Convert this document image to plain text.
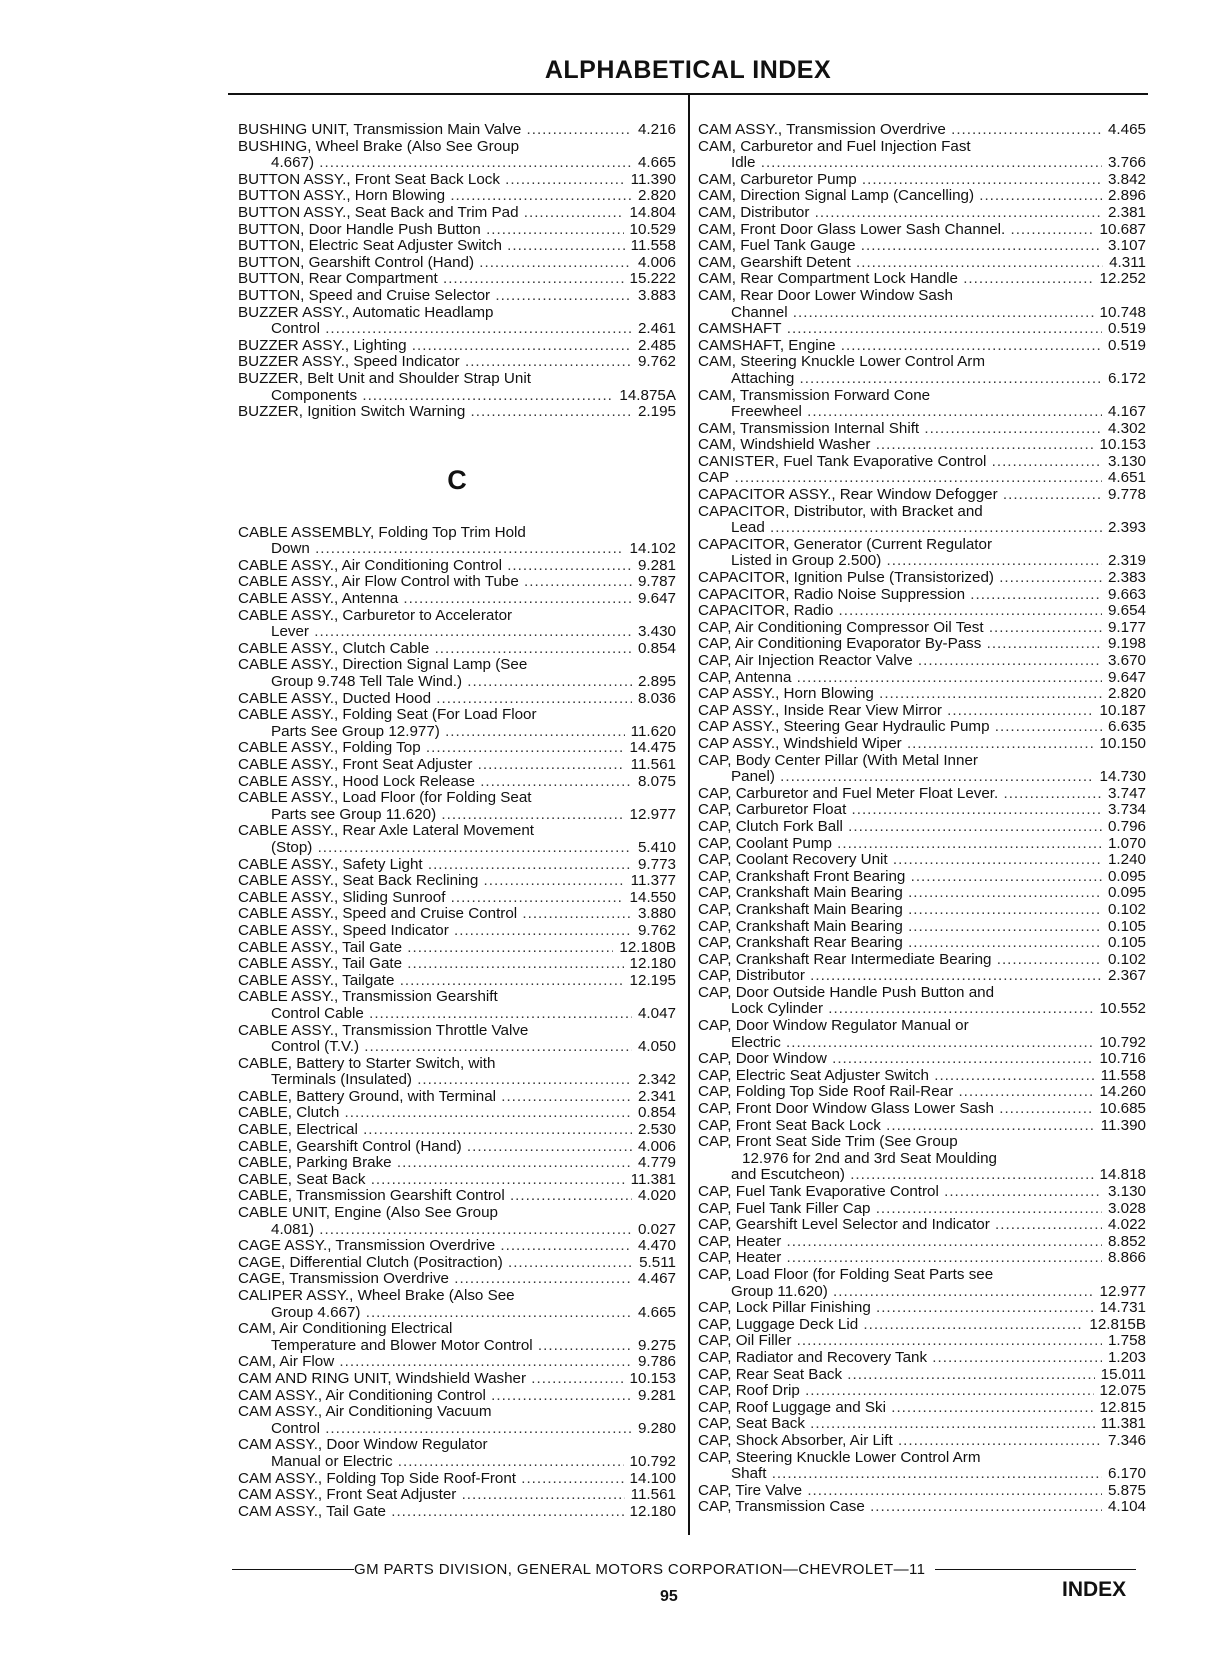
ALPHABETICAL INDEX
BUSHING UNIT, Transmission Main Valve .....	4.216
BUSHING, Wheel Brake (Also See Group
4.667) .....	4.665
BUTTON ASSY., Front Seat Back Lock .....	11.390
BUTTON ASSY., Horn Blowing .....	2.820
BUTTON ASSY., Seat Back and Trim Pad .....	14.804
BUTTON, Door Handle Push Button .....	10.529
BUTTON, Electric Seat Adjuster Switch .....	11.558
BUTTON, Gearshift Control (Hand) .....	4.006
BUTTON, Rear Compartment .....	15.222
BUTTON, Speed and Cruise Selector .....	3.883
BUZZER ASSY., Automatic Headlamp
Control .....	2.461
BUZZER ASSY., Lighting .....	2.485
BUZZER ASSY., Speed Indicator .....	9.762
BUZZER, Belt Unit and Shoulder Strap Unit
Components .....	14.875A
BUZZER, Ignition Switch Warning .....	2.195
C
CABLE ASSEMBLY, Folding Top Trim Hold
Down .....	14.102
CABLE ASSY., Air Conditioning Control .....	9.281
CABLE ASSY., Air Flow Control with Tube .....	9.787
CABLE ASSY., Antenna .....	9.647
CABLE ASSY., Carburetor to Accelerator
Lever .....	3.430
CABLE ASSY., Clutch Cable .....	0.854
CABLE ASSY., Direction Signal Lamp (See
Group 9.748 Tell Tale Wind.) .....	2.895
CABLE ASSY., Ducted Hood .....	8.036
CABLE ASSY., Folding Seat (For Load Floor
Parts See Group 12.977) .....	11.620
CABLE ASSY., Folding Top .....	14.475
CABLE ASSY., Front Seat Adjuster .....	11.561
CABLE ASSY., Hood Lock Release .....	8.075
CABLE ASSY., Load Floor (for Folding Seat
Parts see Group 11.620) .....	12.977
CABLE ASSY., Rear Axle Lateral Movement
(Stop) .....	5.410
CABLE ASSY., Safety Light .....	9.773
CABLE ASSY., Seat Back Reclining .....	11.377
CABLE ASSY., Sliding Sunroof .....	14.550
CABLE ASSY., Speed and Cruise Control .....	3.880
CABLE ASSY., Speed Indicator .....	9.762
CABLE ASSY., Tail Gate .....	12.180B
CABLE ASSY., Tail Gate .....	12.180
CABLE ASSY., Tailgate .....	12.195
CABLE ASSY., Transmission Gearshift
Control Cable .....	4.047
CABLE ASSY., Transmission Throttle Valve
Control (T.V.) .....	4.050
CABLE, Battery to Starter Switch, with
Terminals (Insulated) .....	2.342
CABLE, Battery Ground, with Terminal .....	2.341
CABLE, Clutch .....	0.854
CABLE, Electrical .....	2.530
CABLE, Gearshift Control (Hand) .....	4.006
CABLE, Parking Brake .....	4.779
CABLE, Seat Back .....	11.381
CABLE, Transmission Gearshift Control .....	4.020
CABLE UNIT, Engine (Also See Group
4.081) .....	0.027
CAGE ASSY., Transmission Overdrive .....	4.470
CAGE, Differential Clutch (Positraction) .....	5.511
CAGE, Transmission Overdrive .....	4.467
CALIPER ASSY., Wheel Brake (Also See
Group 4.667) .....	4.665
CAM, Air Conditioning Electrical
Temperature and Blower Motor Control .....	9.275
CAM, Air Flow .....	9.786
CAM AND RING UNIT, Windshield Washer .....	10.153
CAM ASSY., Air Conditioning Control .....	9.281
CAM ASSY., Air Conditioning Vacuum
Control .....	9.280
CAM ASSY., Door Window Regulator
Manual or Electric .....	10.792
CAM ASSY., Folding Top Side Roof-Front .....	14.100
CAM ASSY., Front Seat Adjuster .....	11.561
CAM ASSY., Tail Gate .....	12.180
CAM ASSY., Transmission Overdrive .....	4.465
CAM, Carburetor and Fuel Injection Fast
Idle .....	3.766
CAM, Carburetor Pump .....	3.842
CAM, Direction Signal Lamp (Cancelling) .....	2.896
CAM, Distributor .....	2.381
CAM, Front Door Glass Lower Sash Channel. .....	10.687
CAM, Fuel Tank Gauge .....	3.107
CAM, Gearshift Detent .....	4.311
CAM, Rear Compartment Lock Handle .....	12.252
CAM, Rear Door Lower Window Sash
Channel .....	10.748
CAMSHAFT .....	0.519
CAMSHAFT, Engine .....	0.519
CAM, Steering Knuckle Lower Control Arm
Attaching .....	6.172
CAM, Transmission Forward Cone
Freewheel .....	4.167
CAM, Transmission Internal Shift .....	4.302
CAM, Windshield Washer .....	10.153
CANISTER, Fuel Tank Evaporative Control .....	3.130
CAP .....	4.651
CAPACITOR ASSY., Rear Window Defogger .....	9.778
CAPACITOR, Distributor, with Bracket and
Lead .....	2.393
CAPACITOR, Generator (Current Regulator
Listed in Group 2.500) .....	2.319
CAPACITOR, Ignition Pulse (Transistorized) .....	2.383
CAPACITOR, Radio Noise Suppression .....	9.663
CAPACITOR, Radio .....	9.654
CAP, Air Conditioning Compressor Oil Test .....	9.177
CAP, Air Conditioning Evaporator By-Pass .....	9.198
CAP, Air Injection Reactor Valve .....	3.670
CAP, Antenna .....	9.647
CAP ASSY., Horn Blowing .....	2.820
CAP ASSY., Inside Rear View Mirror .....	10.187
CAP ASSY., Steering Gear Hydraulic Pump .....	6.635
CAP ASSY., Windshield Wiper .....	10.150
CAP, Body Center Pillar (With Metal Inner
Panel) .....	14.730
CAP, Carburetor and Fuel Meter Float Lever. .....	3.747
CAP, Carburetor Float .....	3.734
CAP, Clutch Fork Ball .....	0.796
CAP, Coolant Pump .....	1.070
CAP, Coolant Recovery Unit .....	1.240
CAP, Crankshaft Front Bearing .....	0.095
CAP, Crankshaft Main Bearing .....	0.095
CAP, Crankshaft Main Bearing .....	0.102
CAP, Crankshaft Main Bearing .....	0.105
CAP, Crankshaft Rear Bearing .....	0.105
CAP, Crankshaft Rear Intermediate Bearing .....	0.102
CAP, Distributor .....	2.367
CAP, Door Outside Handle Push Button and
Lock Cylinder .....	10.552
CAP, Door Window Regulator Manual or
Electric .....	10.792
CAP, Door Window .....	10.716
CAP, Electric Seat Adjuster Switch .....	11.558
CAP, Folding Top Side Roof Rail-Rear .....	14.260
CAP, Front Door Window Glass Lower Sash .....	10.685
CAP, Front Seat Back Lock .....	11.390
CAP, Front Seat Side Trim (See Group
12.976 for 2nd and 3rd Seat Moulding
and Escutcheon) .....	14.818
CAP, Fuel Tank Evaporative Control .....	3.130
CAP, Fuel Tank Filler Cap .....	3.028
CAP, Gearshift Level Selector and Indicator .....	4.022
CAP, Heater .....	8.852
CAP, Heater .....	8.866
CAP, Load Floor (for Folding Seat Parts see
Group 11.620) .....	12.977
CAP, Lock Pillar Finishing .....	14.731
CAP, Luggage Deck Lid .....	12.815B
CAP, Oil Filler .....	1.758
CAP, Radiator and Recovery Tank .....	1.203
CAP, Rear Seat Back .....	15.011
CAP, Roof Drip .....	12.075
CAP, Roof Luggage and Ski .....	12.815
CAP, Seat Back .....	11.381
CAP, Shock Absorber, Air Lift .....	7.346
CAP, Steering Knuckle Lower Control Arm
Shaft .....	6.170
CAP, Tire Valve .....	5.875
CAP, Transmission Case .....	4.104
GM PARTS DIVISION, GENERAL MOTORS CORPORATION—CHEVROLET—11
95	INDEX
